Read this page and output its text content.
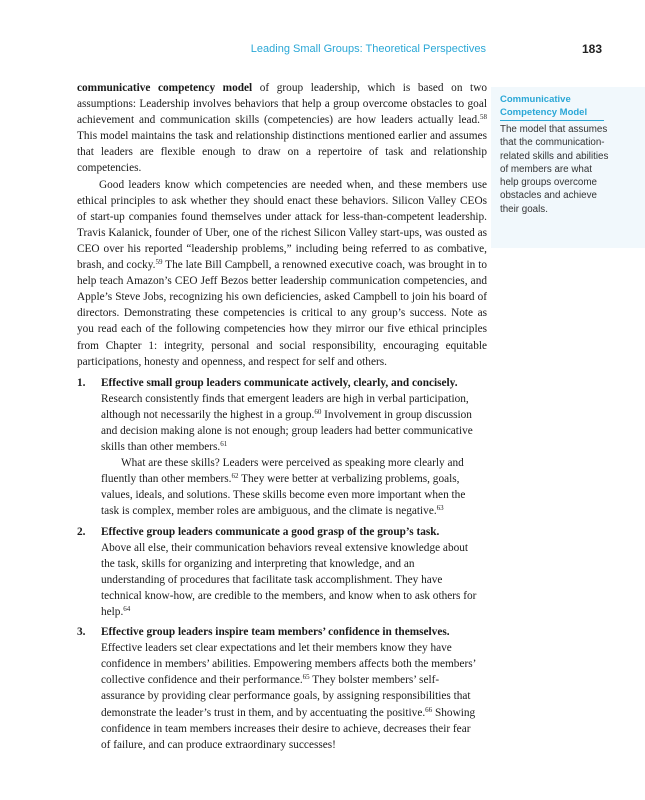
Leading Small Groups: Theoretical Perspectives	183
Communicative Competency Model
The model that assumes that the communication-related skills and abilities of members are what help groups overcome obstacles and achieve their goals.

communicative competency model of group leadership, which is based on two assumptions: Leadership involves behaviors that help a group overcome obstacles to goal achievement and communication skills (competencies) are how leaders actually lead.$^{58}$ This model maintains the task and relationship distinctions mentioned earlier and assumes that leaders are flexible enough to draw on a repertoire of task and relationship competencies.

Good leaders know which competencies are needed when, and these members use ethical principles to ask whether they should enact these behaviors. Silicon Valley CEOs of start-up companies found themselves under attack for less-than-competent leadership. Travis Kalanick, founder of Uber, one of the richest Silicon Valley start-ups, was ousted as CEO over his reported “leadership problems,” including being referred to as combative, brash, and cocky.$^{59}$ The late Bill Campbell, a renowned executive coach, was brought in to help teach Amazon’s CEO Jeff Bezos better leadership communication competencies, and Apple’s Steve Jobs, recognizing his own deficiencies, asked Campbell to join his board of directors. Demonstrating these competencies is critical to any group’s success. Note as you read each of the following competencies how they mirror our five ethical principles from Chapter 1: integrity, personal and social responsibility, encouraging equitable participations, honesty and openness, and respect for self and others.

1. Effective small group leaders communicate actively, clearly, and concisely.

Research consistently finds that emergent leaders are high in verbal participation, although not necessarily the highest in a group.$^{60}$ Involvement in group discussion and decision making alone is not enough; group leaders had better communicative skills than other members.$^{61}$

What are these skills? Leaders were perceived as speaking more clearly and fluently than other members.$^{62}$ They were better at verbalizing problems, goals, values, ideals, and solutions. These skills become even more important when the task is complex, member roles are ambiguous, and the climate is negative.$^{63}$

2. Effective group leaders communicate a good grasp of the group’s task.

Above all else, their communication behaviors reveal extensive knowledge about the task, skills for organizing and interpreting that knowledge, and an understanding of procedures that facilitate task accomplishment. They have technical know-how, are credible to the members, and know when to ask others for help.$^{64}$

3. Effective group leaders inspire team members’ confidence in themselves.

Effective leaders set clear expectations and let their members know they have confidence in members’ abilities. Empowering members affects both the members’ collective confidence and their performance.$^{65}$ They bolster members’ self-assurance by providing clear performance goals, by assigning responsibilities that demonstrate the leader’s trust in them, and by accentuating the positive.$^{66}$ Showing confidence in team members increases their desire to achieve, decreases their fear of failure, and can produce extraordinary successes!
